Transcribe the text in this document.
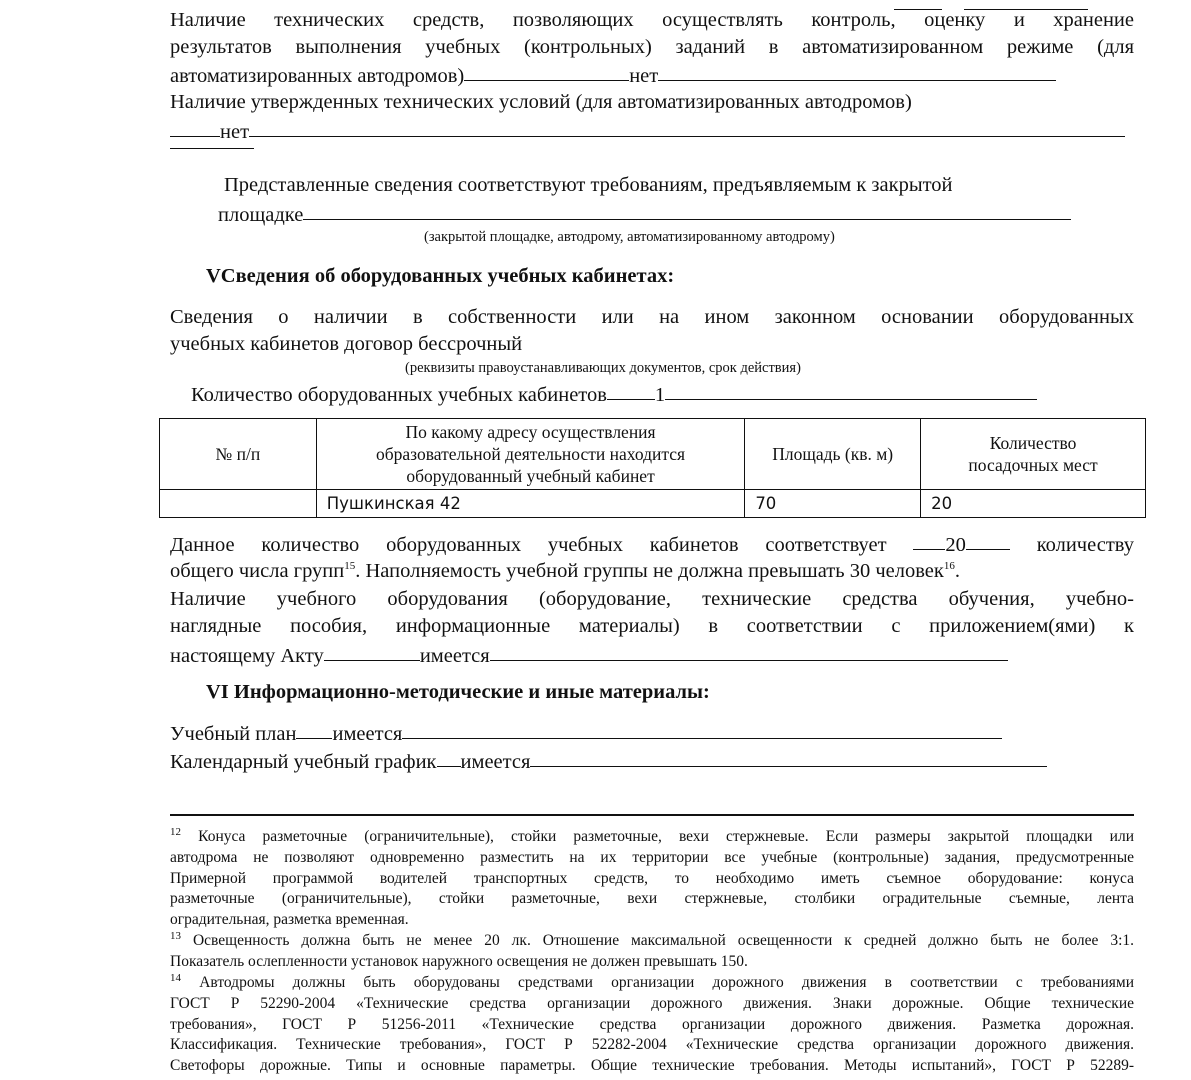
Наличие технических средств, позволяющих осуществлять контроль, оценку и хранение
результатов выполнения учебных (контрольных) заданий в автоматизированном режиме (для
автоматизированных автодромов)	нет
Наличие утвержденных технических условий (для автоматизированных автодромов)
нет
Представленные сведения соответствуют требованиям, предъявляемым к закрытой
площадке
(закрытой площадке, автодрому, автоматизированному автодрому)
VСведения об оборудованных учебных кабинетах:
Сведения о наличии в собственности или на ином законном основании оборудованных
учебных кабинетов договор бессрочный
(реквизиты правоустанавливающих документов, срок действия)
Количество оборудованных учебных кабинетов 1
№ п/п	По какому адресу осуществления образовательной деятельности находится оборудованный учебный кабинет	Площадь (кв. м)	Количество посадочных мест
	Пушкинская 42	70	20
Данное количество оборудованных учебных кабинетов соответствует	20	количеству
общего числа групп$^{15}$. Наполняемость учебной группы не должна превышать 30 человек$^{16}$.
Наличие учебного оборудования (оборудование, технические средства обучения, учебно-
наглядные пособия, информационные материалы) в соответствии с приложением(ями) к
настоящему Акту	имеется
VI Информационно-методические и иные материалы:
Учебный план имеется
Календарный учебный график имеется
$^{12}$ Конуса разметочные (ограничительные), стойки разметочные, вехи стержневые. Если размеры закрытой площадки или
автодрома не позволяют одновременно разместить на их территории все учебные (контрольные) задания, предусмотренные
Примерной программой водителей транспортных средств, то необходимо иметь съемное оборудование: конуса
разметочные (ограничительные), стойки разметочные, вехи стержневые, столбики оградительные съемные, лента
оградительная, разметка временная.
$^{13}$ Освещенность должна быть не менее 20 лк. Отношение максимальной освещенности к средней должно быть не более 3:1.
Показатель ослепленности установок наружного освещения не должен превышать 150.
$^{14}$ Автодромы должны быть оборудованы средствами организации дорожного движения в соответствии с требованиями
ГОСТ Р 52290-2004 «Технические средства организации дорожного движения. Знаки дорожные. Общие технические
требования», ГОСТ Р 51256-2011 «Технические средства организации дорожного движения. Разметка дорожная.
Классификация. Технические требования», ГОСТ Р 52282-2004 «Технические средства организации дорожного движения.
Светофоры дорожные. Типы и основные параметры. Общие технические требования. Методы испытаний», ГОСТ Р 52289-
